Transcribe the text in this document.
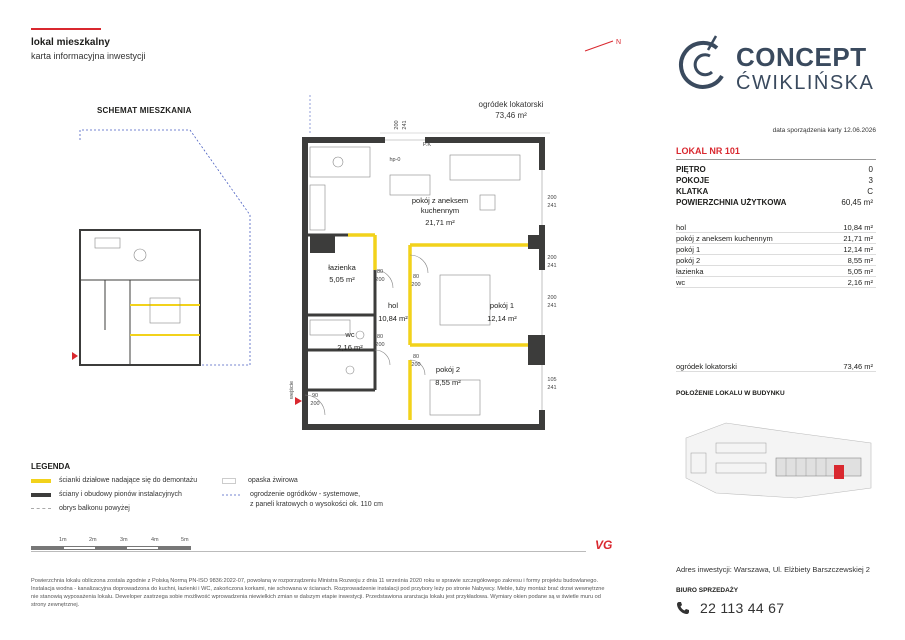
lokal mieszkalny
karta informacyjna inwestycji
N
SCHEMAT MIESZKANIA
pokój z aneksem
kuchennym
21,71 m²
łazienka
5,05 m²
hol
10,84 m²
pokój 1
12,14 m²
wc
2,16 m²
pokój 2
8,55 m²
200 241
hp-0
P.K
200
241
80
200
80
200
200
241
80
200
80
200
105
241
90
200
200
241
wejście
ogródek lokatorski
73,46 m²
LEGENDA
ścianki działowe nadające się do demontażu
ściany i obudowy pionów instalacyjnych
obrys balkonu powyżej
opaska żwirowa
ogrodzenie ogródków - systemowe,
z paneli kratowych o wysokości ok. 110 cm
1m	2m	3m	4m	5m	VG
Powierzchnia lokalu obliczona zostala zgodnie z Polską Normą PN-ISO 9836:2022-07, powołaną w rozporządzeniu Ministra Rozwoju z dnia 11 września 2020 roku w sprawie szczegółowego zakresu i formy projektu budowlanego. Instalacja wodna - kanalizacyjna doprowadzona do kuchni, łazienki i WC, zakończona korkami, nie schowana w ścianach. Rozprowadzenie instalacji pod przybory leży po stronie Nabywcy. Meble, tuby montaż brać drzwi wewnętrzne nie stanowią wyposażenia lokalu. Deweloper zastrzega sobie możliwość wprowadzenia niewielkich zmian w dalszym etapie inwestycji. Przedstawiona aranżacja lokalu jest przykładowa. Wymiary okien podane są w świetle muru od strony zewnętrznej.
CONCEPT
ĆWIKLIŃSKA
data sporządzenia karty 12.06.2026
LOKAL NR 101
PIĘTRO	0
POKOJE	3
KLATKA	C
POWIERZCHNIA UŻYTKOWA	60,45 m²
hol	10,84 m²
pokój z aneksem kuchennym	21,71 m²
pokój 1	12,14 m²
pokój 2	8,55 m²
łazienka	5,05 m²
wc	2,16 m²
ogródek lokatorski	73,46 m²
POŁOŻENIE LOKALU W BUDYNKU
Adres inwestycji: Warszawa, Ul. Elżbiety Barszczewskiej 2
BIURO SPRZEDAŻY
22 113 44 67
